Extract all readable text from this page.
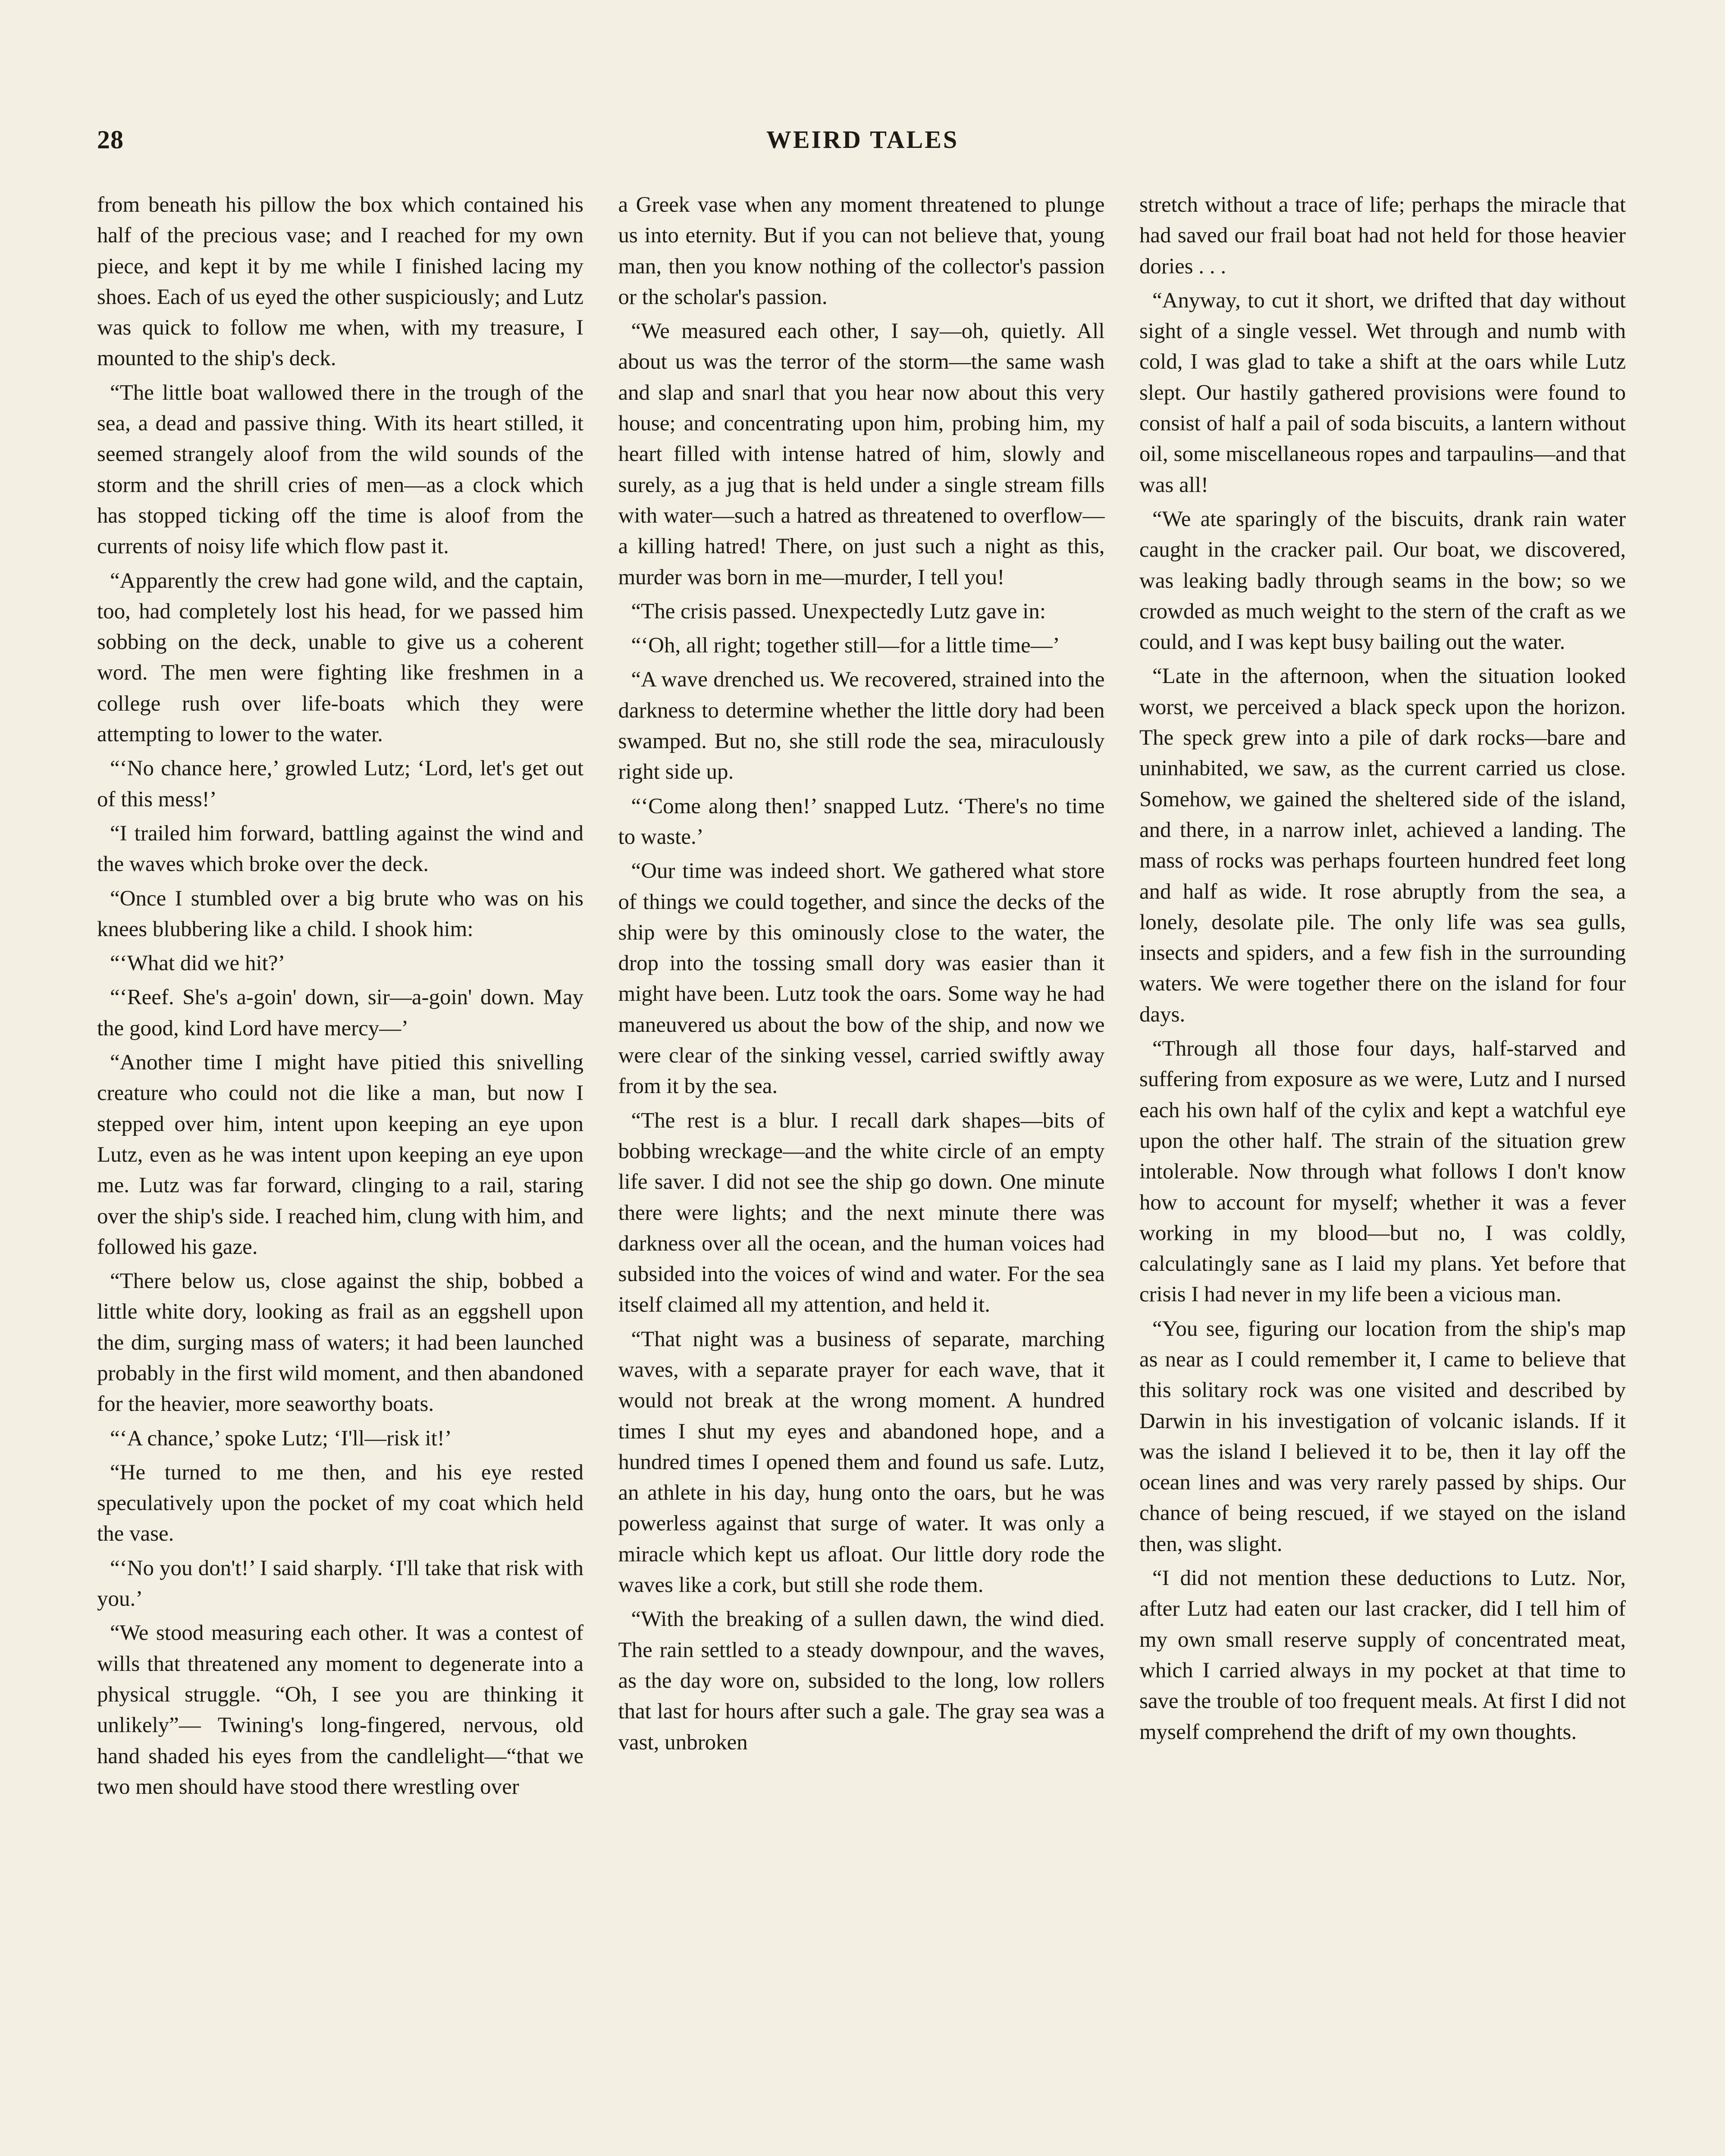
28	WEIRD TALES

from beneath his pillow the box which contained his half of the precious vase; and I reached for my own piece, and kept it by me while I finished lacing my shoes. Each of us eyed the other suspiciously; and Lutz was quick to follow me when, with my treasure, I mounted to the ship's deck.

“The little boat wallowed there in the trough of the sea, a dead and passive thing. With its heart stilled, it seemed strangely aloof from the wild sounds of the storm and the shrill cries of men—as a clock which has stopped ticking off the time is aloof from the currents of noisy life which flow past it.

“Apparently the crew had gone wild, and the captain, too, had completely lost his head, for we passed him sobbing on the deck, unable to give us a coherent word. The men were fighting like freshmen in a college rush over life-boats which they were attempting to lower to the water.

“‘No chance here,’ growled Lutz; ‘Lord, let's get out of this mess!’

“I trailed him forward, battling against the wind and the waves which broke over the deck.

“Once I stumbled over a big brute who was on his knees blubbering like a child. I shook him:

“‘What did we hit?’

“‘Reef. She's a-goin' down, sir—a-goin' down. May the good, kind Lord have mercy—’

“Another time I might have pitied this snivelling creature who could not die like a man, but now I stepped over him, intent upon keeping an eye upon Lutz, even as he was intent upon keeping an eye upon me. Lutz was far forward, clinging to a rail, staring over the ship's side. I reached him, clung with him, and followed his gaze.

“There below us, close against the ship, bobbed a little white dory, looking as frail as an eggshell upon the dim, surging mass of waters; it had been launched probably in the first wild moment, and then abandoned for the heavier, more seaworthy boats.

“‘A chance,’ spoke Lutz; ‘I'll—risk it!’

“He turned to me then, and his eye rested speculatively upon the pocket of my coat which held the vase.

“‘No you don't!’ I said sharply. ‘I'll take that risk with you.’

“We stood measuring each other. It was a contest of wills that threatened any moment to degenerate into a physical struggle. “Oh, I see you are thinking it unlikely”— Twining's long-fingered, nervous, old hand shaded his eyes from the candlelight—“that we two men should have stood there wrestling over

a Greek vase when any moment threatened to plunge us into eternity. But if you can not believe that, young man, then you know nothing of the collector's passion or the scholar's passion.

“We measured each other, I say—oh, quietly. All about us was the terror of the storm—the same wash and slap and snarl that you hear now about this very house; and concentrating upon him, probing him, my heart filled with intense hatred of him, slowly and surely, as a jug that is held under a single stream fills with water—such a hatred as threatened to overflow—a killing hatred! There, on just such a night as this, murder was born in me—murder, I tell you!

“The crisis passed. Unexpectedly Lutz gave in:

“‘Oh, all right; together still—for a little time—’

“A wave drenched us. We recovered, strained into the darkness to determine whether the little dory had been swamped. But no, she still rode the sea, miraculously right side up.

“‘Come along then!’ snapped Lutz. ‘There's no time to waste.’

“Our time was indeed short. We gathered what store of things we could together, and since the decks of the ship were by this ominously close to the water, the drop into the tossing small dory was easier than it might have been. Lutz took the oars. Some way he had maneuvered us about the bow of the ship, and now we were clear of the sinking vessel, carried swiftly away from it by the sea.

“The rest is a blur. I recall dark shapes—bits of bobbing wreckage—and the white circle of an empty life saver. I did not see the ship go down. One minute there were lights; and the next minute there was darkness over all the ocean, and the human voices had subsided into the voices of wind and water. For the sea itself claimed all my attention, and held it.

“That night was a business of separate, marching waves, with a separate prayer for each wave, that it would not break at the wrong moment. A hundred times I shut my eyes and abandoned hope, and a hundred times I opened them and found us safe. Lutz, an athlete in his day, hung onto the oars, but he was powerless against that surge of water. It was only a miracle which kept us afloat. Our little dory rode the waves like a cork, but still she rode them.

“With the breaking of a sullen dawn, the wind died. The rain settled to a steady downpour, and the waves, as the day wore on, subsided to the long, low rollers that last for hours after such a gale. The gray sea was a vast, unbroken

stretch without a trace of life; perhaps the miracle that had saved our frail boat had not held for those heavier dories . . .

“Anyway, to cut it short, we drifted that day without sight of a single vessel. Wet through and numb with cold, I was glad to take a shift at the oars while Lutz slept. Our hastily gathered provisions were found to consist of half a pail of soda biscuits, a lantern without oil, some miscellaneous ropes and tarpaulins—and that was all!

“We ate sparingly of the biscuits, drank rain water caught in the cracker pail. Our boat, we discovered, was leaking badly through seams in the bow; so we crowded as much weight to the stern of the craft as we could, and I was kept busy bailing out the water.

“Late in the afternoon, when the situation looked worst, we perceived a black speck upon the horizon. The speck grew into a pile of dark rocks—bare and uninhabited, we saw, as the current carried us close. Somehow, we gained the sheltered side of the island, and there, in a narrow inlet, achieved a landing. The mass of rocks was perhaps fourteen hundred feet long and half as wide. It rose abruptly from the sea, a lonely, desolate pile. The only life was sea gulls, insects and spiders, and a few fish in the surrounding waters. We were together there on the island for four days.

“Through all those four days, half-starved and suffering from exposure as we were, Lutz and I nursed each his own half of the cylix and kept a watchful eye upon the other half. The strain of the situation grew intolerable. Now through what follows I don't know how to account for myself; whether it was a fever working in my blood—but no, I was coldly, calculatingly sane as I laid my plans. Yet before that crisis I had never in my life been a vicious man.

“You see, figuring our location from the ship's map as near as I could remember it, I came to believe that this solitary rock was one visited and described by Darwin in his investigation of volcanic islands. If it was the island I believed it to be, then it lay off the ocean lines and was very rarely passed by ships. Our chance of being rescued, if we stayed on the island then, was slight.

“I did not mention these deductions to Lutz. Nor, after Lutz had eaten our last cracker, did I tell him of my own small reserve supply of concentrated meat, which I carried always in my pocket at that time to save the trouble of too frequent meals. At first I did not myself comprehend the drift of my own thoughts.
